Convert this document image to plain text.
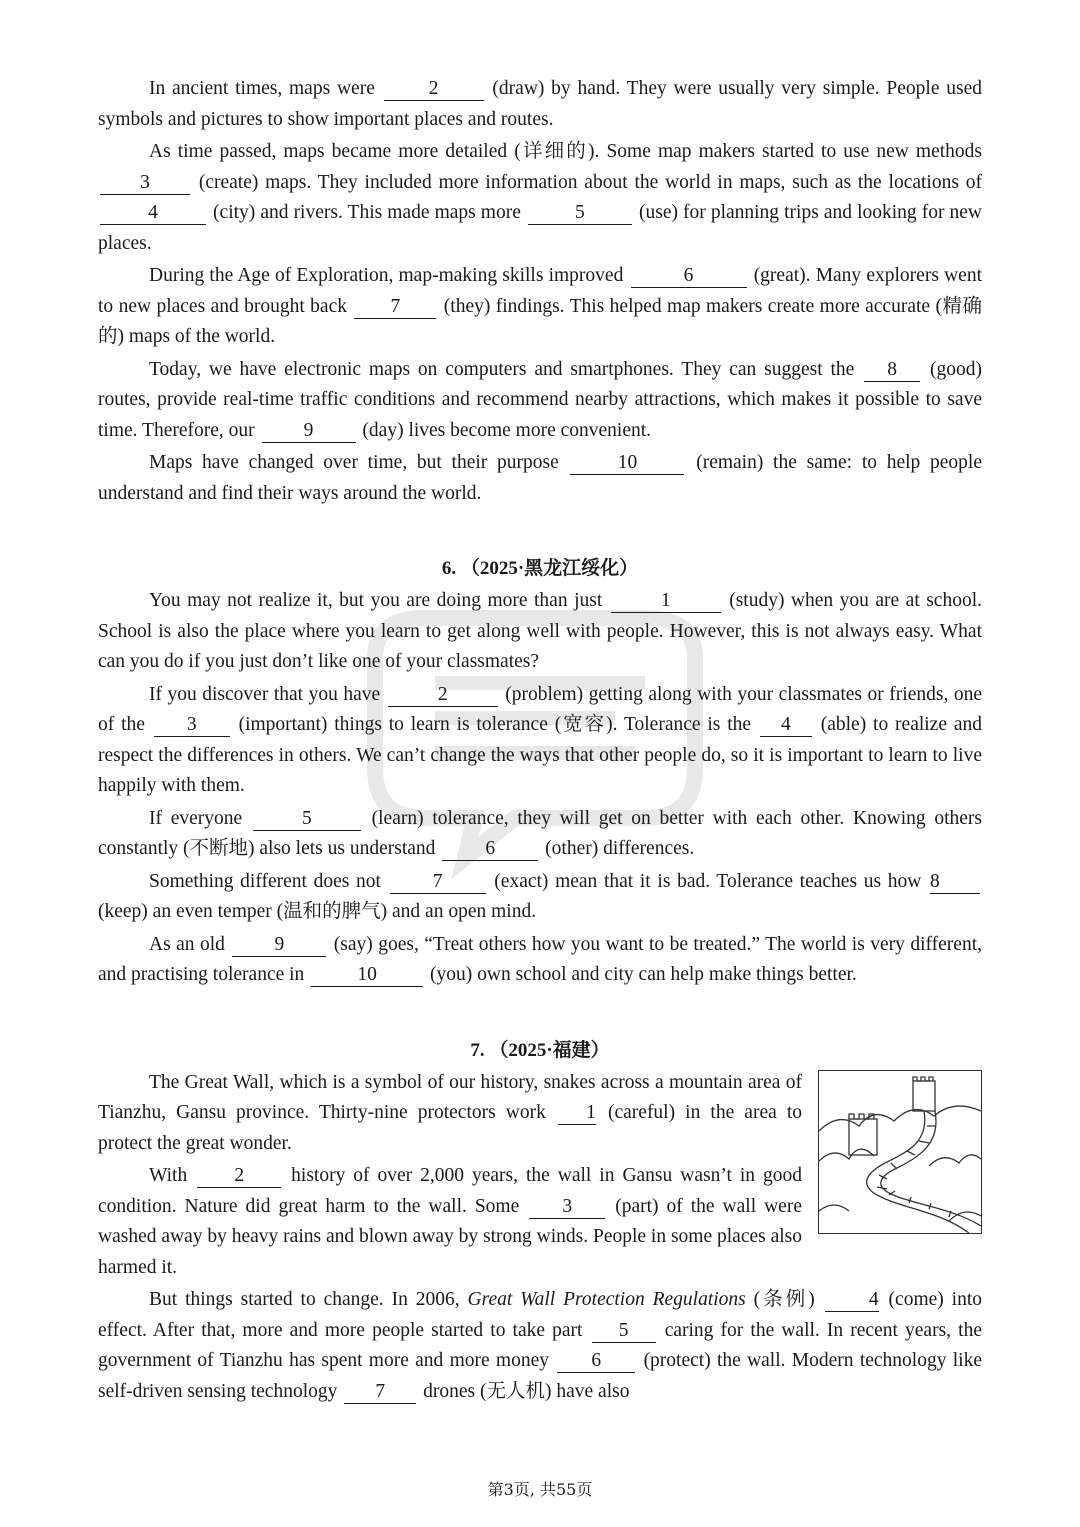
In ancient times, maps were 2 (draw) by hand. They were usually very simple. People used symbols and pictures to show important places and routes.

As time passed, maps became more detailed (详细的). Some map makers started to use new methods 3 (create) maps. They included more information about the world in maps, such as the locations of 4	(city) and rivers. This made maps more	5	(use) for planning trips and looking for new places.

During the Age of Exploration, map-making skills improved	6	(great). Many explorers went to new places and brought back 7 (they) findings. This helped map makers create more accurate (精确的) maps of the world.

Today, we have electronic maps on computers and smartphones. They can suggest the 8 (good) routes, provide real-time traffic conditions and recommend nearby attractions, which makes it possible to save time. Therefore, our 9 (day) lives become more convenient.

Maps have changed over time, but their purpose	10	(remain) the same: to help people understand and find their ways around the world.

6. （2025·黑龙江绥化）

You may not realize it, but you are doing more than just	1	(study) when you are at school. School is also the place where you learn to get along well with people. However, this is not always easy. What can you do if you just don’t like one of your classmates?

If you discover that you have	2	(problem) getting along with your classmates or friends, one of the 3 (important) things to learn is tolerance (宽容). Tolerance is the 4 (able) to realize and respect the differences in others. We can’t change the ways that other people do, so it is important to learn to live happily with them.

If everyone	5	(learn) tolerance, they will get on better with each other. Knowing others constantly (不断地) also lets us understand 6 (other) differences.

Something different does not 7 (exact) mean that it is bad. Tolerance teaches us how 8 (keep) an even temper (温和的脾气) and an open mind.

As an old 9 (say) goes, “Treat others how you want to be treated.” The world is very different, and practising tolerance in 10 (you) own school and city can help make things better.

7. （2025·福建）

The Great Wall, which is a symbol of our history, snakes across a mountain area of Tianzhu, Gansu province. Thirty-nine protectors work 1 (careful) in the area to protect the great wonder.

With 2 history of over 2,000 years, the wall in Gansu wasn’t in good condition. Nature did great harm to the wall. Some 3 (part) of the wall were washed away by heavy rains and blown away by strong winds. People in some places also harmed it.

But things started to change. In 2006, Great Wall Protection Regulations (条例) 4 (come) into effect. After that, more and more people started to take part 5 caring for the wall. In recent years, the government of Tianzhu has spent more and more money 6 (protect) the wall. Modern technology like self-driven sensing technology 7 drones (无人机) have also

第3页, 共55页
